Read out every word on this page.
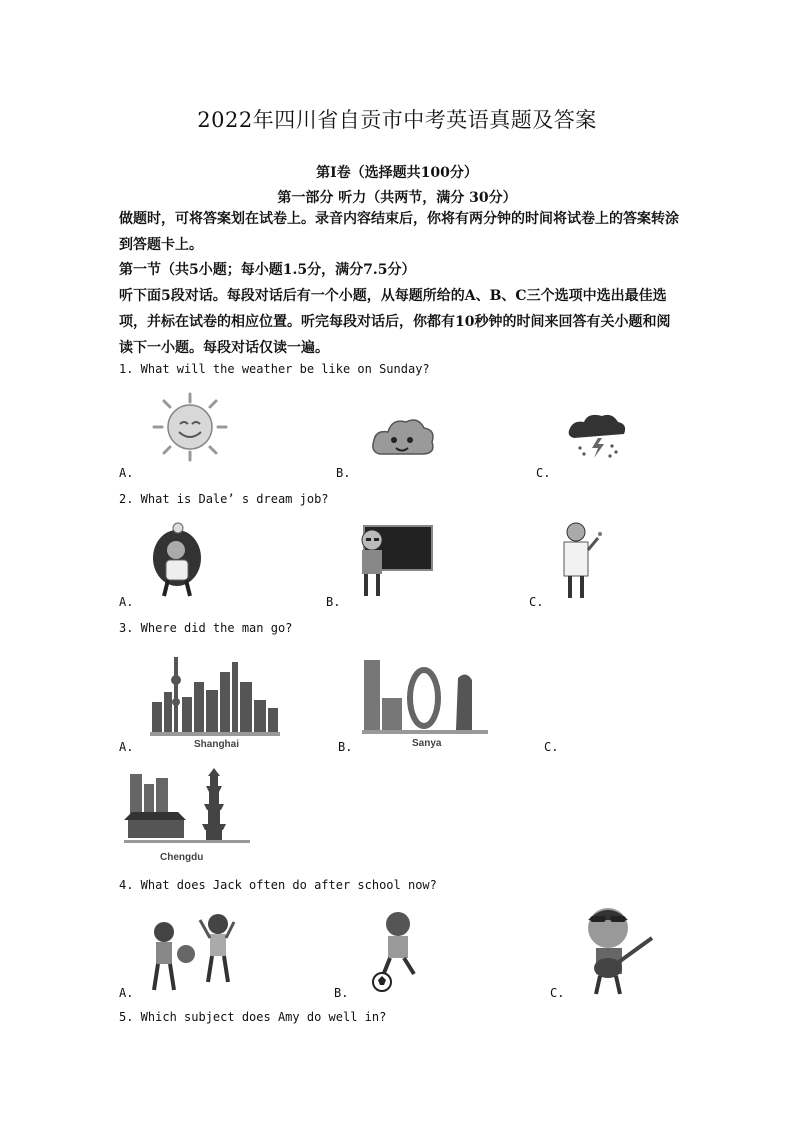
2022年四川省自贡市中考英语真题及答案
第Ⅰ卷（选择题共100分）
第一部分 听力（共两节，满分 30分）
做题时，可将答案划在试卷上。录音内容结束后，你将有两分钟的时间将试卷上的答案转涂到答题卡上。
第一节（共5小题；每小题1.5分，满分7.5分）
听下面5段对话。每段对话后有一个小题，从每题所给的A、B、C三个选项中选出最佳选项，并标在试卷的相应位置。听完每段对话后，你都有10秒钟的时间来回答有关小题和阅读下一小题。每段对话仅读一遍。
1. What will the weather be like on Sunday?
A.	B.	C.
2. What is Dale’ s dream job?
A.	B.	C.
3. Where did the man go?
A.	B.	C.
Shanghai	Sanya
Chengdu
4. What does Jack often do after school now?
A.	B.	C.
5. Which subject does Amy do well in?
